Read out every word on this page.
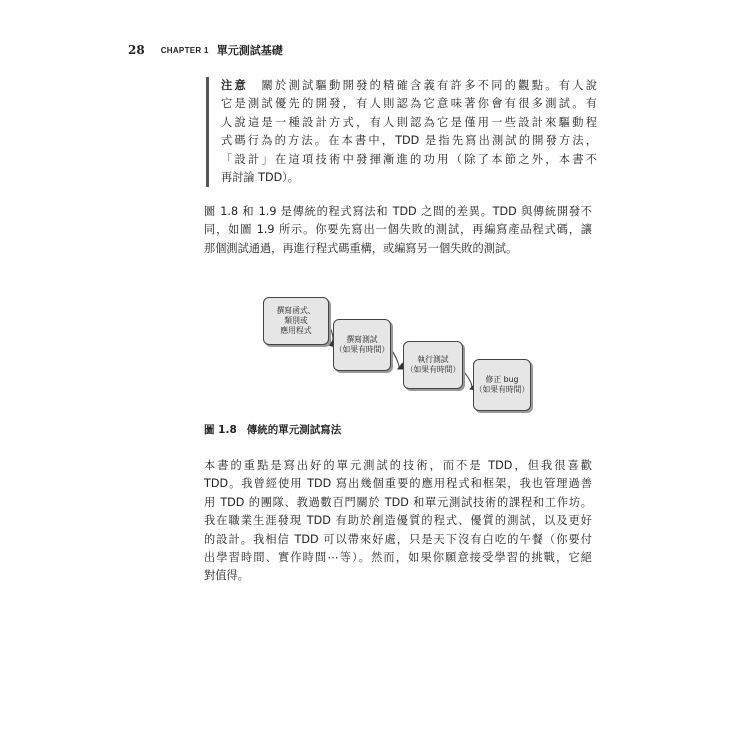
28 CHAPTER 1 單元測試基礎
注意　 關於測試驅動開發的精確含義有許多不同的觀點。有人說
它是測試優先的開發，有人則認為它意味著你會有很多測試。有
人說這是一種設計方式，有人則認為它是僅用一些設計來驅動程
式碼行為的方法。在本書中，TDD 是指先寫出測試的開發方法，
「設計」在這項技術中發揮漸進的功用（除了本節之外，本書不
再討論 TDD）。
圖 1.8 和 1.9 是傳統的程式寫法和 TDD 之間的差異。TDD 與傳統開發不
同，如圖 1.9 所示。你要先寫出一個失敗的測試，再編寫產品程式碼，讓
那個測試通過，再進行程式碼重構，或編寫另一個失敗的測試。
撰寫函式、
類別或
應用程式
撰寫測試
（如果有時間）
執行測試
（如果有時間）
修正 bug
（如果有時間）
圖 1.8 傳統的單元測試寫法
本書的重點是寫出好的單元測試的技術，而不是 TDD，但我很喜歡
TDD。我曾經使用 TDD 寫出幾個重要的應用程式和框架，我也管理過善
用 TDD 的團隊、教過數百門關於 TDD 和單元測試技術的課程和工作坊。
我在職業生涯發現 TDD 有助於創造優質的程式、優質的測試，以及更好
的設計。我相信 TDD 可以帶來好處，只是天下沒有白吃的午餐（你要付
出學習時間、實作時間⋯等）。然而，如果你願意接受學習的挑戰，它絕
對值得。
